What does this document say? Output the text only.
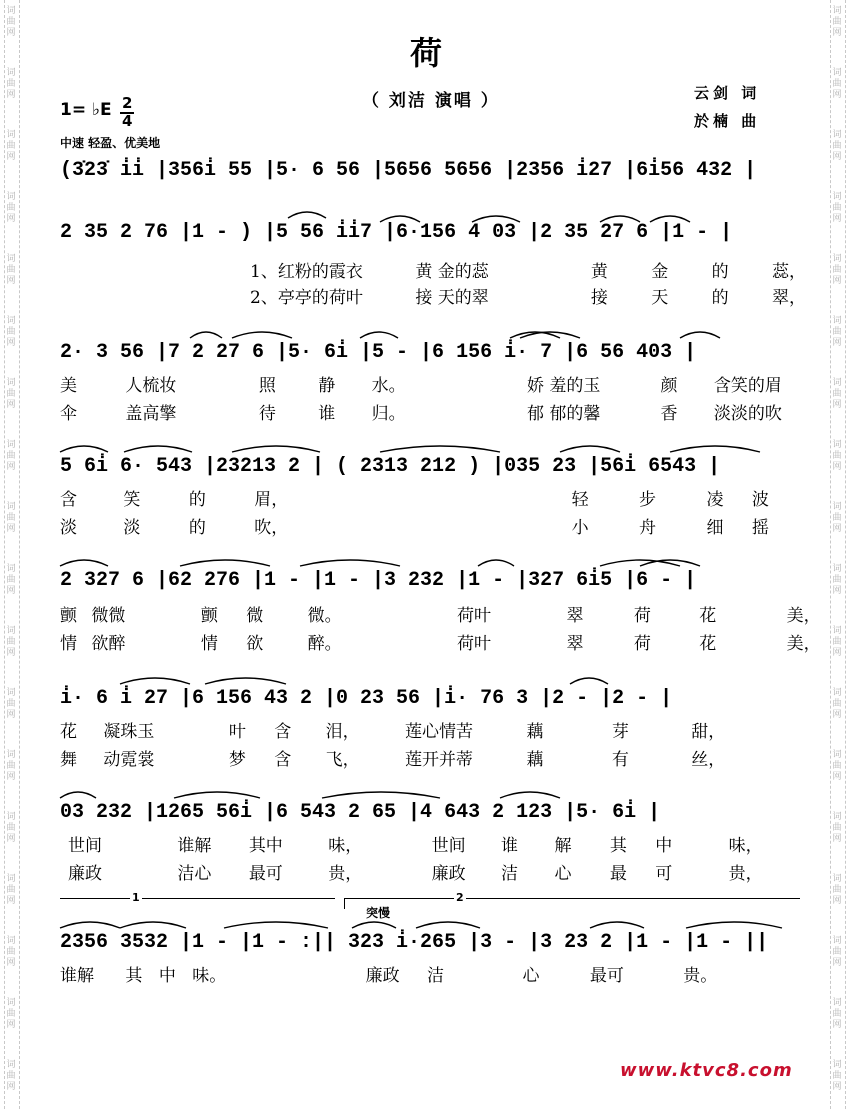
词
曲
网
词
曲
网
词
曲
网
词
曲
网
词
曲
网
词
曲
网
词
曲
网
词
曲
网
词
曲
网
词
曲
网
词
曲
网
词
曲
网
词
曲
网
词
曲
网
词
曲
网
词
曲
网
词
曲
网
词
曲
网
词
曲
网
词
曲
网
词
曲
网
词
曲
网
词
曲
网
词
曲
网
词
曲
网
词
曲
网
词
曲
网
词
曲
网
词
曲
网
词
曲
网
词
曲
网
词
曲
网
词
曲
网
词
曲
网
词
曲
网
词
曲
网
荷
（ 刘洁 演唱 ）	云剑 词
於楠 曲
1= ♭E 2
4
中速 轻盈、优美地
(3̇23̇ i̇i̇ |356i̇ 55 |5· 6 56 |5656 5656 |2356 i̇27 |6i̇56 432 |
2 35 2 76 |1 - ) |5 56 i̇i̇7 |6·156 4 03 |2 35 27 6 |1 - |
2· 3 56 |7 2 27 6 |5· 6i̇ |5 - |6 156 i̇· 7 |6 56 403 |
5 6i̇ 6· 543 |23213 2 | ( 2313 212 ) |035 23 |56i̇ 6543 |
2 327 6 |62 276 |1 - |1 - |3 232 |1 - |327 6i̇5 |6 - |
i̇· 6 i̇ 27 |6 156 43 2 |0 23 56 |i̇· 76 3 |2 - |2 - |
03 232 |1265 56i̇ |6 543 2 65 |4 643 2 123 |5· 6i̇ |
2356 3532 |1 - |1 - :|| 323 i̇·265 |3 - |3 23 2 |1 - |1 - ||
1、红粉的霞衣	黄 金的蕊	黄	金	的	蕊，
2、亭亭的荷叶	接 天的翠	接	天	的	翠，
美	人梳妆	照 静 水。	娇 羞的玉	颜 含笑的眉
伞	盖高擎	待 谁 归。	郁 郁的馨	香 淡淡的吹
含	笑	的	眉，	轻	步	凌 波
淡	淡	的	吹，	小	舟	细 摇
颤 微微	颤 微	微。	荷叶	翠	荷	花	美，
情 欲醉	情 欲	醉。	荷叶	翠	荷	花	美，
花 凝珠玉	叶 含 泪，	莲心情苦	藕	芽	甜，
舞 动霓裳	梦 含 飞，	莲开并蒂	藕	有	丝，
世间	谁解 其中	味，	世间 谁 解 其 中	味，
廉政	洁心 最可	贵，	廉政 洁 心 最 可	贵，
谁解 其 中 味。	廉政 洁	心	最可	贵。
1	2
突慢
www.ktvc8.com
